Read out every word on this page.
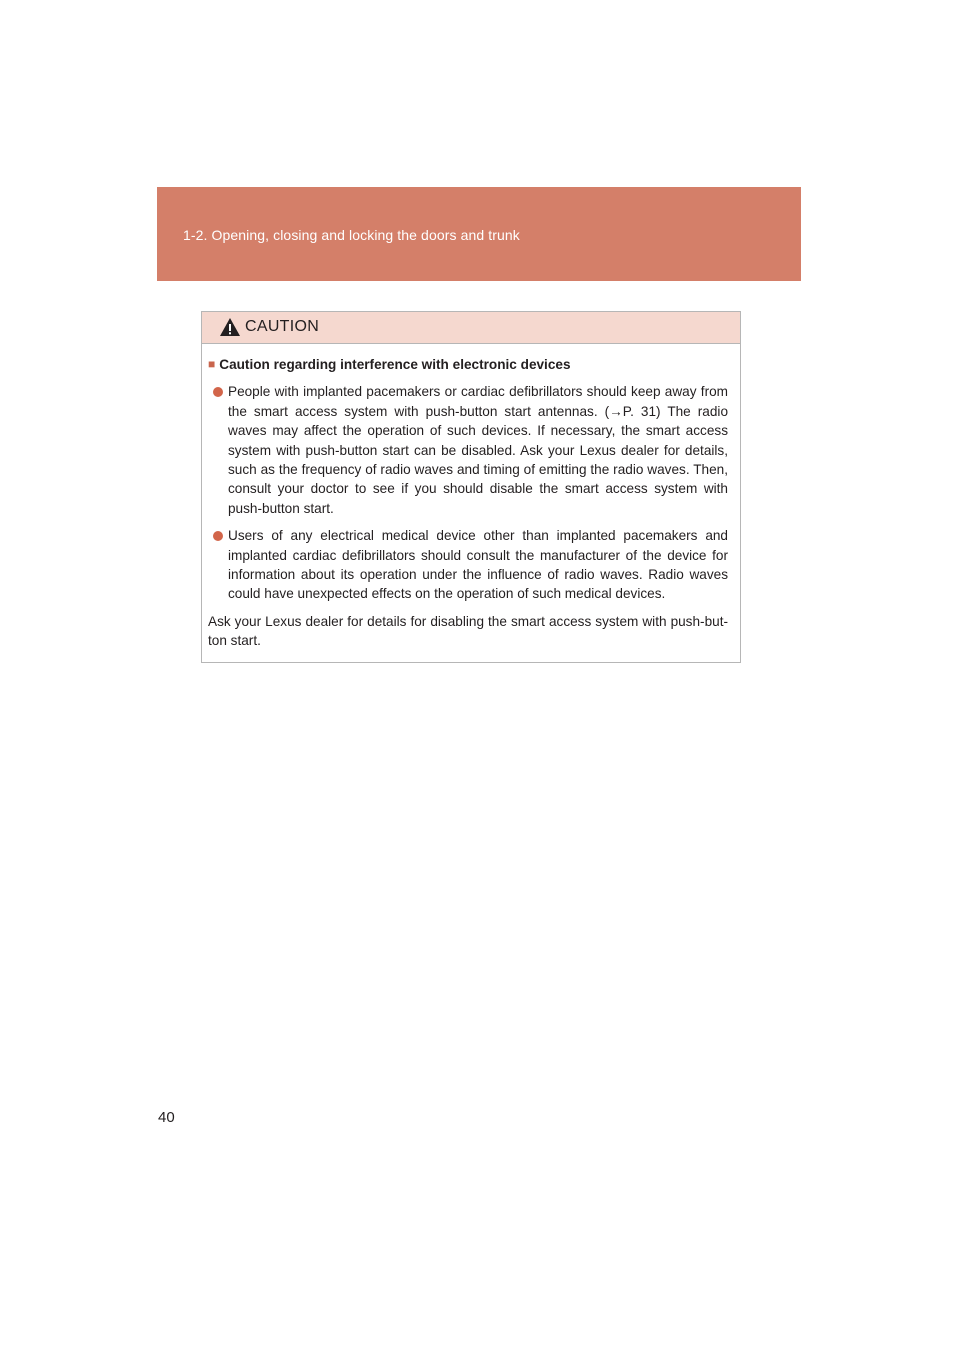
1-2. Opening, closing and locking the doors and trunk
CAUTION
■ Caution regarding interference with electronic devices
People with implanted pacemakers or cardiac defibrillators should keep away from the smart access system with push-button start antennas. (→P. 31) The radio waves may affect the operation of such devices. If necessary, the smart access system with push-button start can be disabled. Ask your Lexus dealer for details, such as the frequency of radio waves and timing of emitting the radio waves. Then, consult your doctor to see if you should disable the smart access system with push-button start.
Users of any electrical medical device other than implanted pacemakers and implanted cardiac defibrillators should consult the manufacturer of the device for information about its operation under the influence of radio waves. Radio waves could have unexpected effects on the operation of such medical devices.
Ask your Lexus dealer for details for disabling the smart access system with push-but-ton start.
40
